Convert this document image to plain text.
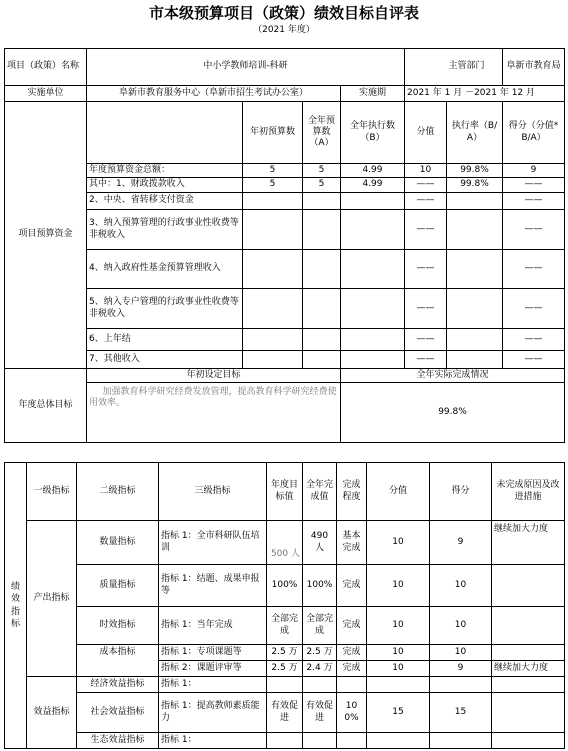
市本级预算项目（政策）绩效目标自评表
（2021 年度）
项目（政策）名称	中小学教师培训-科研					主管部门	阜新市教育局
实施单位	阜新市教育服务中心（阜新市招生考试办公室）			实施期	2021 年 1 月 －2021 年 12 月		
项目预算资金		年初预算数	全年预算数（A）	全年执行数（B）	分值	执行率（B/A）	得分（分值*B/A）
	年度预算资金总额：	5	5	4.99	10	99.8%	9
	其中：1、财政拨款收入	5	5	4.99	——	99.8%	——
	2、中央、省转移支付资金				——		——
	3、纳入预算管理的行政事业性收费等非税收入				——		——
	4、纳入政府性基金预算管理收入				——		——
	5、纳入专户管理的行政事业性收费等非税收入				——		——
	6、上年结				——		——
	7、其他收入				——		——
年度总体目标	年初设定目标			全年实际完成情况			
	加强教育科学研究经费发放管理，提高教育科学研究经费使用效率。			99.8%			
绩效指标	一级指标	二级指标	三级指标	年度目标值	全年完成值	完成程度	分值	得分	未完成原因及改进措施
	产出指标	数量指标	指标 1：全市科研队伍培训	500 人	490 人	基本完成	10	9	继续加大力度
		质量指标	指标 1：结题、成果申报等	100%	100%	完成	10	10	
		时效指标	指标 1：当年完成	全部完成	全部完成	完成	10	10	
		成本指标	指标 1：专项课题等	2.5 万	2.5 万	完成	10	10	
			指标 2：课题评审等	2.5 万	2.4 万	完成	10	9	继续加大力度
	效益指标	经济效益指标	指标 1：						
		社会效益指标	指标 1：提高教师素质能力	有效促进	有效促进	100%	15	15	
		生态效益指标	指标 1：						
